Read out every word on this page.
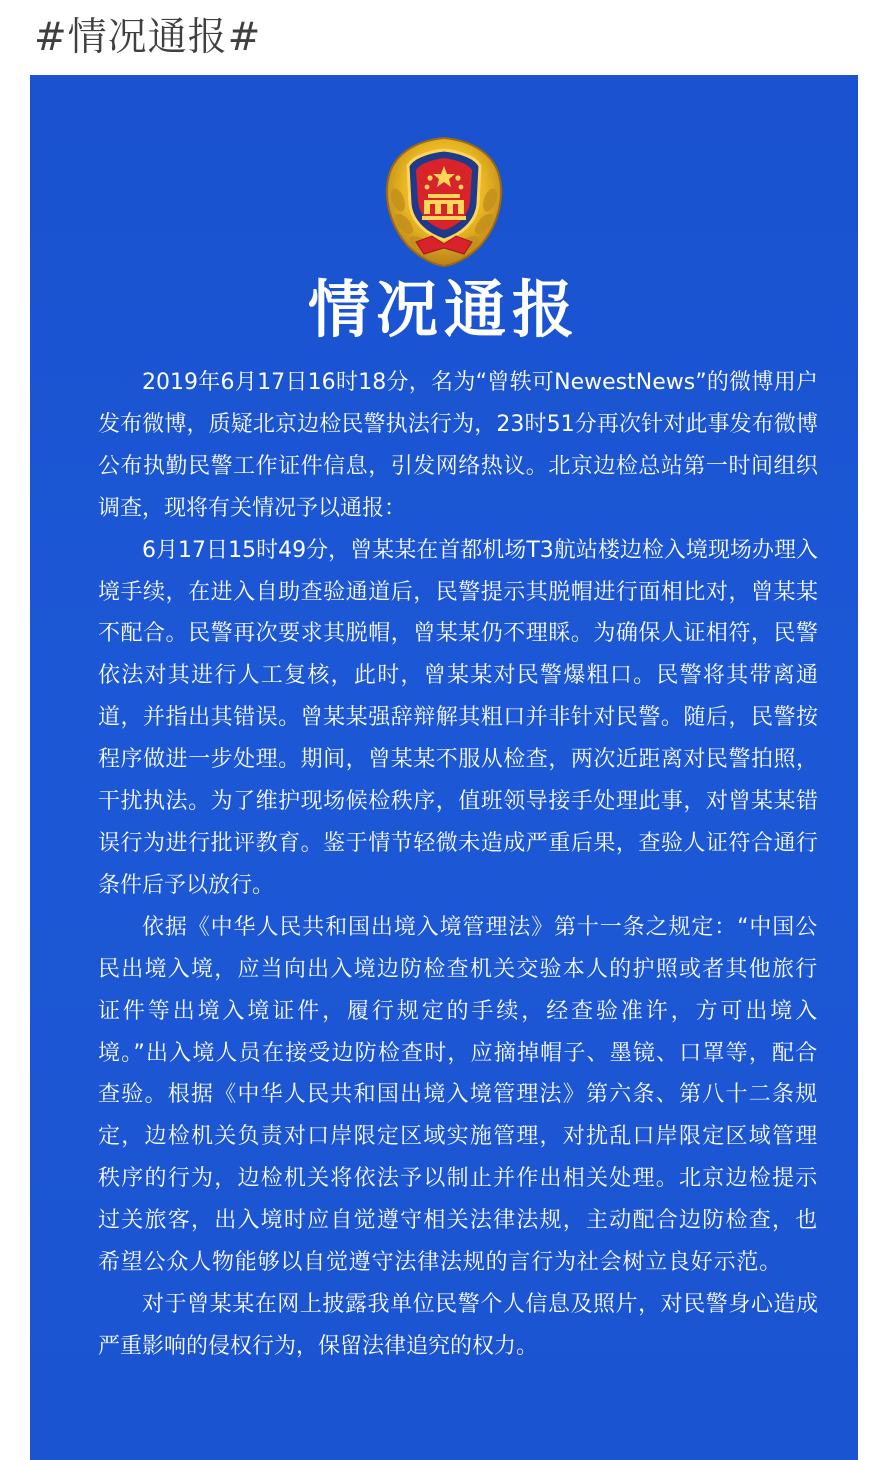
#情况通报#
情况通报

2019年6月17日16时18分，名为“曾轶可NewestNews”的微博用户发布微博，质疑北京边检民警执法行为，23时51分再次针对此事发布微博公布执勤民警工作证件信息，引发网络热议。北京边检总站第一时间组织调查，现将有关情况予以通报：

6月17日15时49分，曾某某在首都机场T3航站楼边检入境现场办理入境手续，在进入自助查验通道后，民警提示其脱帽进行面相比对，曾某某不配合。民警再次要求其脱帽，曾某某仍不理睬。为确保人证相符，民警依法对其进行人工复核，此时，曾某某对民警爆粗口。民警将其带离通道，并指出其错误。曾某某强辞辩解其粗口并非针对民警。随后，民警按程序做进一步处理。期间，曾某某不服从检查，两次近距离对民警拍照，干扰执法。为了维护现场候检秩序，值班领导接手处理此事，对曾某某错误行为进行批评教育。鉴于情节轻微未造成严重后果，查验人证符合通行条件后予以放行。

依据《中华人民共和国出境入境管理法》第十一条之规定：“中国公民出境入境，应当向出入境边防检查机关交验本人的护照或者其他旅行证件等出境入境证件，履行规定的手续，经查验准许，方可出境入境。”出入境人员在接受边防检查时，应摘掉帽子、墨镜、口罩等，配合查验。根据《中华人民共和国出境入境管理法》第六条、第八十二条规定，边检机关负责对口岸限定区域实施管理，对扰乱口岸限定区域管理秩序的行为，边检机关将依法予以制止并作出相关处理。北京边检提示过关旅客，出入境时应自觉遵守相关法律法规，主动配合边防检查，也希望公众人物能够以自觉遵守法律法规的言行为社会树立良好示范。

对于曾某某在网上披露我单位民警个人信息及照片，对民警身心造成严重影响的侵权行为，保留法律追究的权力。
